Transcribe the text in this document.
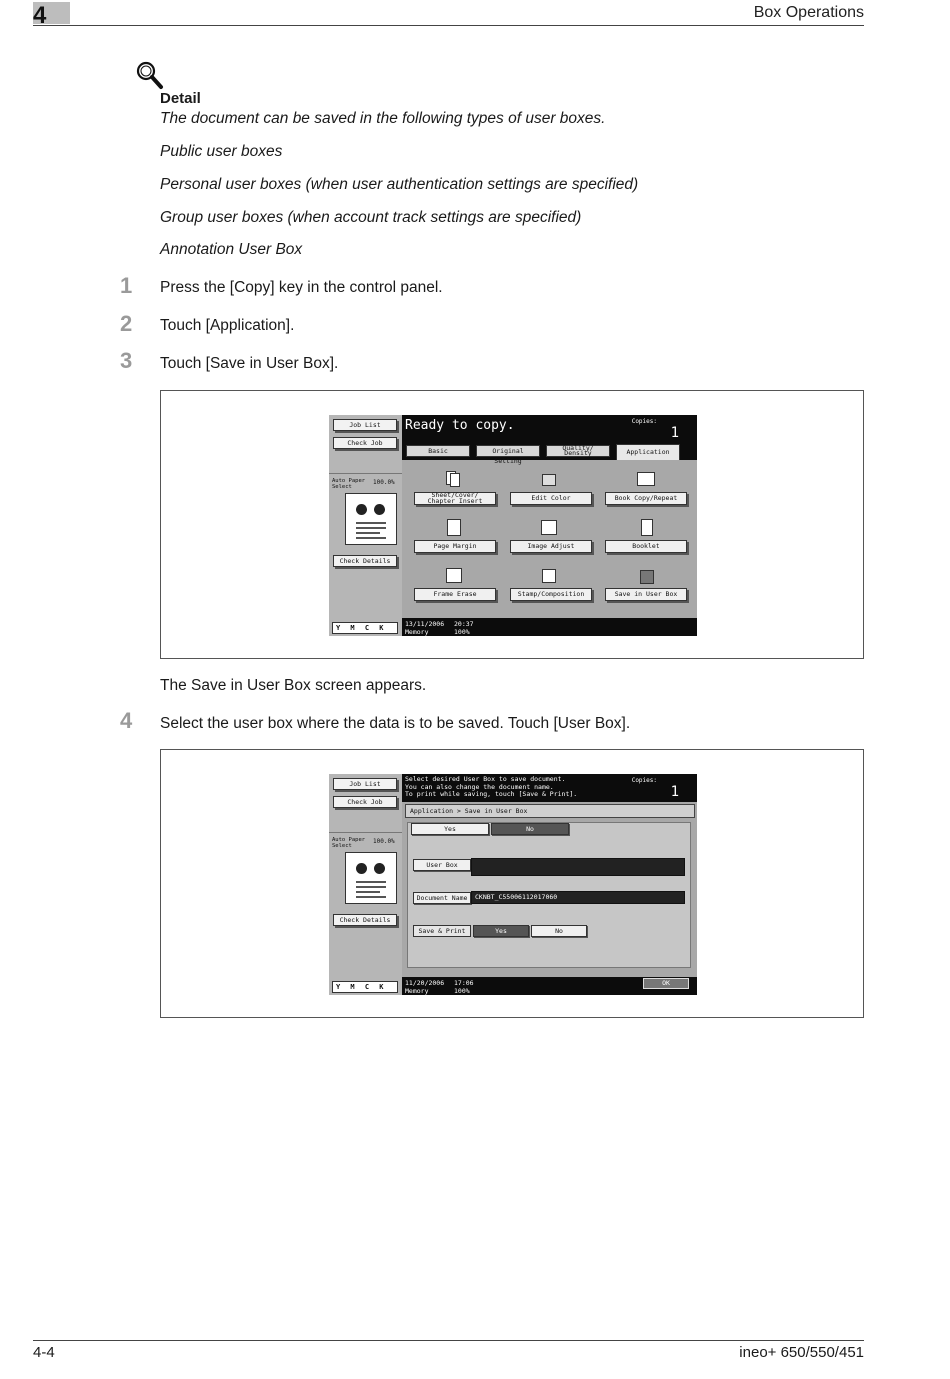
4	Box Operations
Detail
The document can be saved in the following types of user boxes.
Public user boxes
Personal user boxes (when user authentication settings are specified)
Group user boxes (when account track settings are specified)
Annotation User Box
1 Press the [Copy] key in the control panel.
2 Touch [Application].
3 Touch [Save in User Box].
Job List
Check Job
Auto Paper
Select
100.0%
Check Details
Y M C K
Ready to copy.	Copies:
1
Basic	Original Setting
Quality/
Density	Application
Sheet/Cover/
Chapter Insert	Edit Color	Book Copy/Repeat
Page Margin	Image Adjust	Booklet
Frame Erase	Stamp/Composition	Save in User Box
13/11/2006 20:37
Memory	100%
The Save in User Box screen appears.
4 Select the user box where the data is to be saved. Touch [User Box].
Job List
Check Job
Auto Paper
Select
100.0%
Check Details
Y M C K
Select desired User Box to save document.
You can also change the document name.
To print while saving, touch [Save & Print].
Copies:
1
Application > Save in User Box
Yes	No
User Box
Document Name	CKNBT_C55006112017060
Save & Print	Yes	No
11/20/2006 17:06
Memory	100%
OK
4-4	ineo+ 650/550/451
